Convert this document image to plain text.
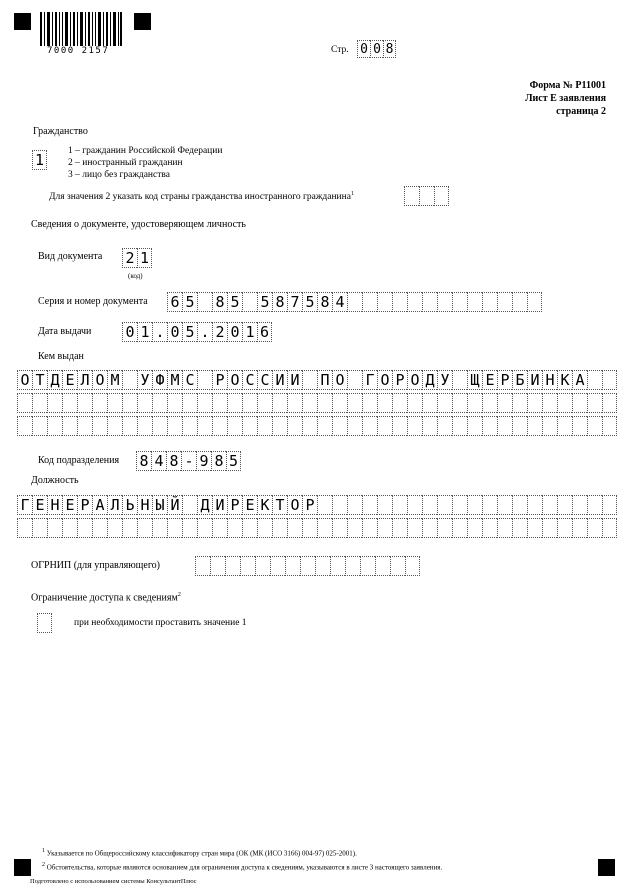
7000 2157	Стр. 0 0 8
Форма № Р11001
Лист Е заявления
страница 2
Гражданство
1	1 – гражданин Российской Федерации
2 – иностранный гражданин
3 – лицо без гражданства
Для значения 2 указать код страны гражданства иностранного гражданина$^1$
Сведения о документе, удостоверяющем личность
Вид документа 2 1
(код)
Серия и номер документа 6 5 8 5 5 8 7 5 8 4
Дата выдачи 0 1 . 0 5 . 2 0 1 6
Кем выдан
О Т Д Е Л О М У Ф М С Р О С С И И П О Г О Р О Д У Щ Е Р Б И Н К А
Код подразделения 8 4 8 - 9 8 5
Должность
Г Е Н Е Р А Л Ь Н Ы Й Д И Р Е К Т О Р
ОГРНИП (для управляющего)
Ограничение доступа к сведениям$^2$
при необходимости проставить значение 1
$^1$ Указывается по Общероссийскому классификатору стран мира (ОК (МК (ИСО 3166) 004-97) 025-2001).
$^2$ Обстоятельства, которые являются основанием для ограничения доступа к сведениям, указываются в листе З настоящего заявления.
Подготовлено с использованием системы КонсультантПлюс
